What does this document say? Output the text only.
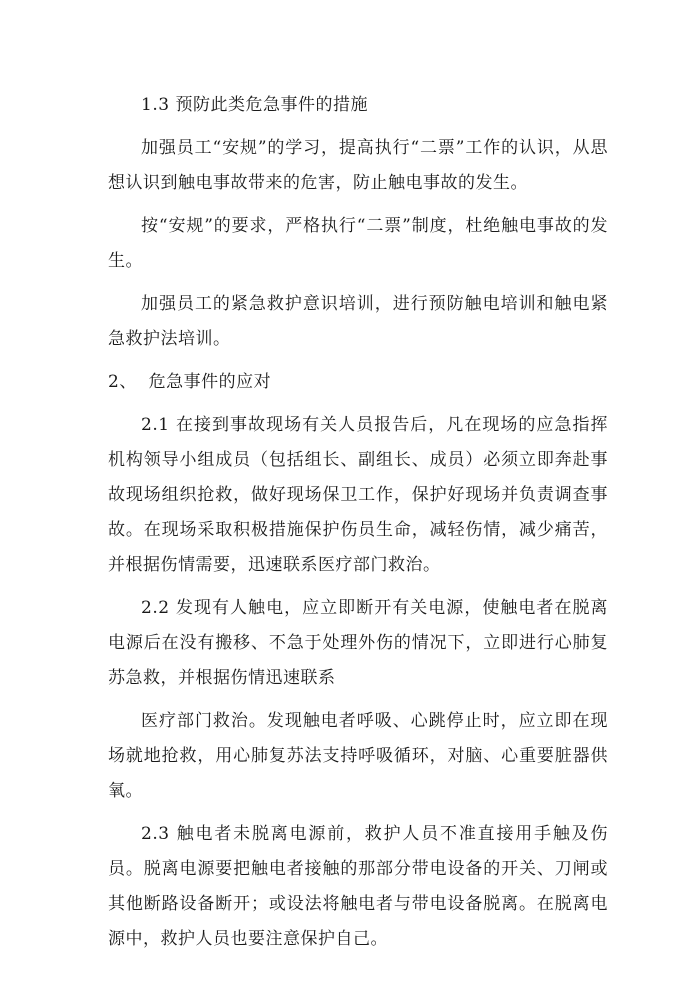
1.3 预防此类危急事件的措施

加强员工“安规”的学习，提高执行“二票”工作的认识，从思想认识到触电事故带来的危害，防止触电事故的发生。

按“安规”的要求，严格执行“二票”制度，杜绝触电事故的发生。

加强员工的紧急救护意识培训，进行预防触电培训和触电紧急救护法培训。

2、  危急事件的应对

2.1 在接到事故现场有关人员报告后，凡在现场的应急指挥机构领导小组成员（包括组长、副组长、成员）必须立即奔赴事故现场组织抢救，做好现场保卫工作，保护好现场并负责调查事故。在现场采取积极措施保护伤员生命，减轻伤情，减少痛苦，并根据伤情需要，迅速联系医疗部门救治。

2.2 发现有人触电，应立即断开有关电源，使触电者在脱离电源后在没有搬移、不急于处理外伤的情况下，立即进行心肺复苏急救，并根据伤情迅速联系

医疗部门救治。发现触电者呼吸、心跳停止时，应立即在现场就地抢救，用心肺复苏法支持呼吸循环，对脑、心重要脏器供氧。

2.3 触电者未脱离电源前，救护人员不准直接用手触及伤员。脱离电源要把触电者接触的那部分带电设备的开关、刀闸或其他断路设备断开；或设法将触电者与带电设备脱离。在脱离电源中，救护人员也要注意保护自己。
